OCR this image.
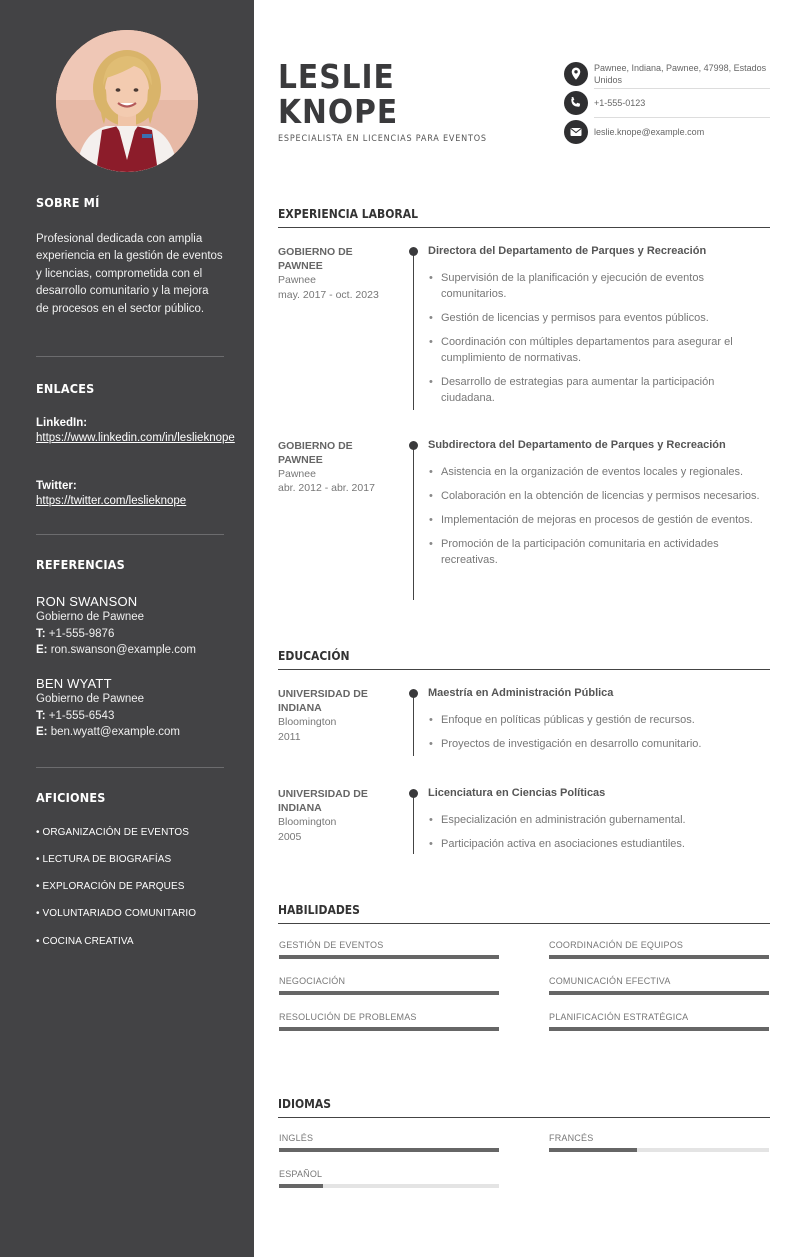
SOBRE MÍ
Profesional dedicada con amplia experiencia en la gestión de eventos y licencias, comprometida con el desarrollo comunitario y la mejora de procesos en el sector público.
ENLACES
LinkedIn:
https://www.linkedin.com/in/leslieknope
Twitter:
https://twitter.com/leslieknope
REFERENCIAS
RON SWANSON
Gobierno de Pawnee
T: +1-555-9876
E: ron.swanson@example.com
BEN WYATT
Gobierno de Pawnee
T: +1-555-6543
E: ben.wyatt@example.com
AFICIONES
• ORGANIZACIÓN DE EVENTOS
• LECTURA DE BIOGRAFÍAS
• EXPLORACIÓN DE PARQUES
• VOLUNTARIADO COMUNITARIO
• COCINA CREATIVA
LESLIE
KNOPE
ESPECIALISTA EN LICENCIAS PARA EVENTOS
Pawnee, Indiana, Pawnee, 47998, Estados Unidos
+1-555-0123
leslie.knope@example.com
EXPERIENCIA LABORAL
GOBIERNO DE PAWNEE
Pawnee
may. 2017 - oct. 2023
Directora del Departamento de Parques y Recreación
• Supervisión de la planificación y ejecución de eventos comunitarios.
• Gestión de licencias y permisos para eventos públicos.
• Coordinación con múltiples departamentos para asegurar el cumplimiento de normativas.
• Desarrollo de estrategias para aumentar la participación ciudadana.
GOBIERNO DE PAWNEE
Pawnee
abr. 2012 - abr. 2017
Subdirectora del Departamento de Parques y Recreación
• Asistencia en la organización de eventos locales y regionales.
• Colaboración en la obtención de licencias y permisos necesarios.
• Implementación de mejoras en procesos de gestión de eventos.
• Promoción de la participación comunitaria en actividades recreativas.
EDUCACIÓN
UNIVERSIDAD DE INDIANA
Bloomington
2011
Maestría en Administración Pública
• Enfoque en políticas públicas y gestión de recursos.
• Proyectos de investigación en desarrollo comunitario.
UNIVERSIDAD DE INDIANA
Bloomington
2005
Licenciatura en Ciencias Políticas
• Especialización en administración gubernamental.
• Participación activa en asociaciones estudiantiles.
HABILIDADES
GESTIÓN DE EVENTOS	COORDINACIÓN DE EQUIPOS
NEGOCIACIÓN	COMUNICACIÓN EFECTIVA
RESOLUCIÓN DE PROBLEMAS	PLANIFICACIÓN ESTRATÉGICA
IDIOMAS
INGLÉS	FRANCÉS
ESPAÑOL
